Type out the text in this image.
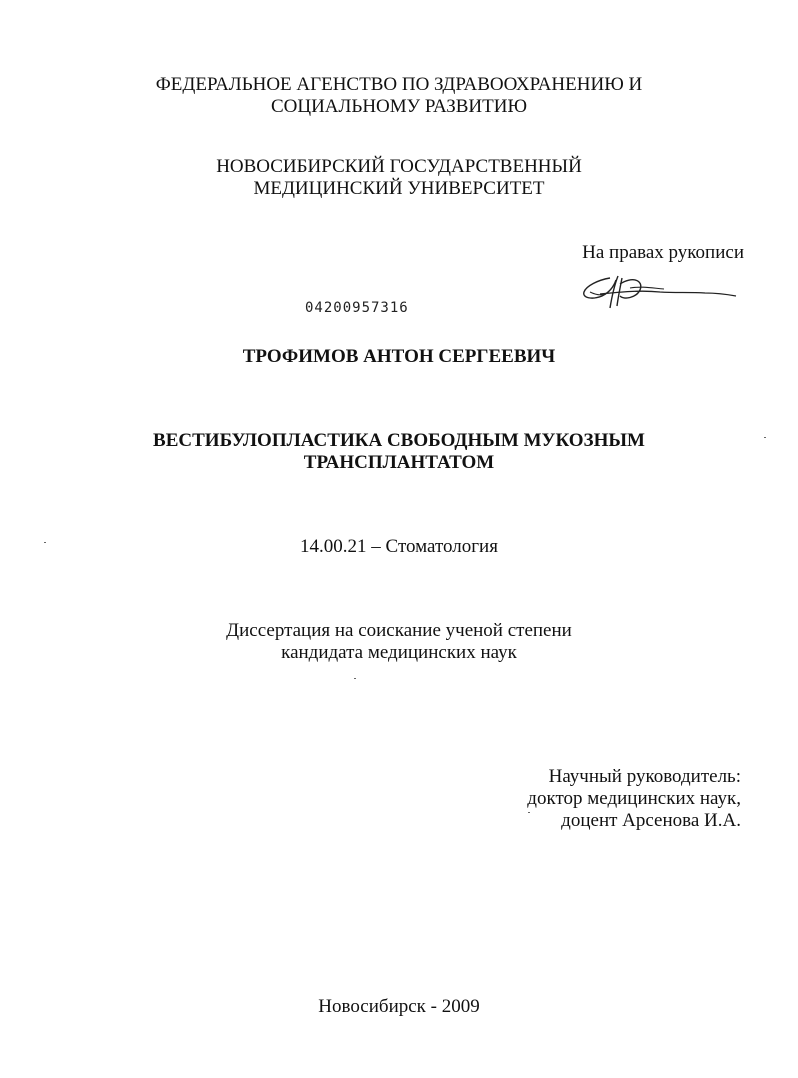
ФЕДЕРАЛЬНОЕ АГЕНСТВО ПО ЗДРАВООХРАНЕНИЮ И
СОЦИАЛЬНОМУ РАЗВИТИЮ
НОВОСИБИРСКИЙ ГОСУДАРСТВЕННЫЙ
МЕДИЦИНСКИЙ УНИВЕРСИТЕТ
На правах рукописи
04200957316
ТРОФИМОВ АНТОН СЕРГЕЕВИЧ
ВЕСТИБУЛОПЛАСТИКА СВОБОДНЫМ МУКОЗНЫМ
ТРАНСПЛАНТАТОМ
14.00.21 – Стоматология
Диссертация на соискание ученой степени
кандидата медицинских наук
Научный руководитель:
доктор медицинских наук,
доцент Арсенова И.А.
Новосибирск - 2009
